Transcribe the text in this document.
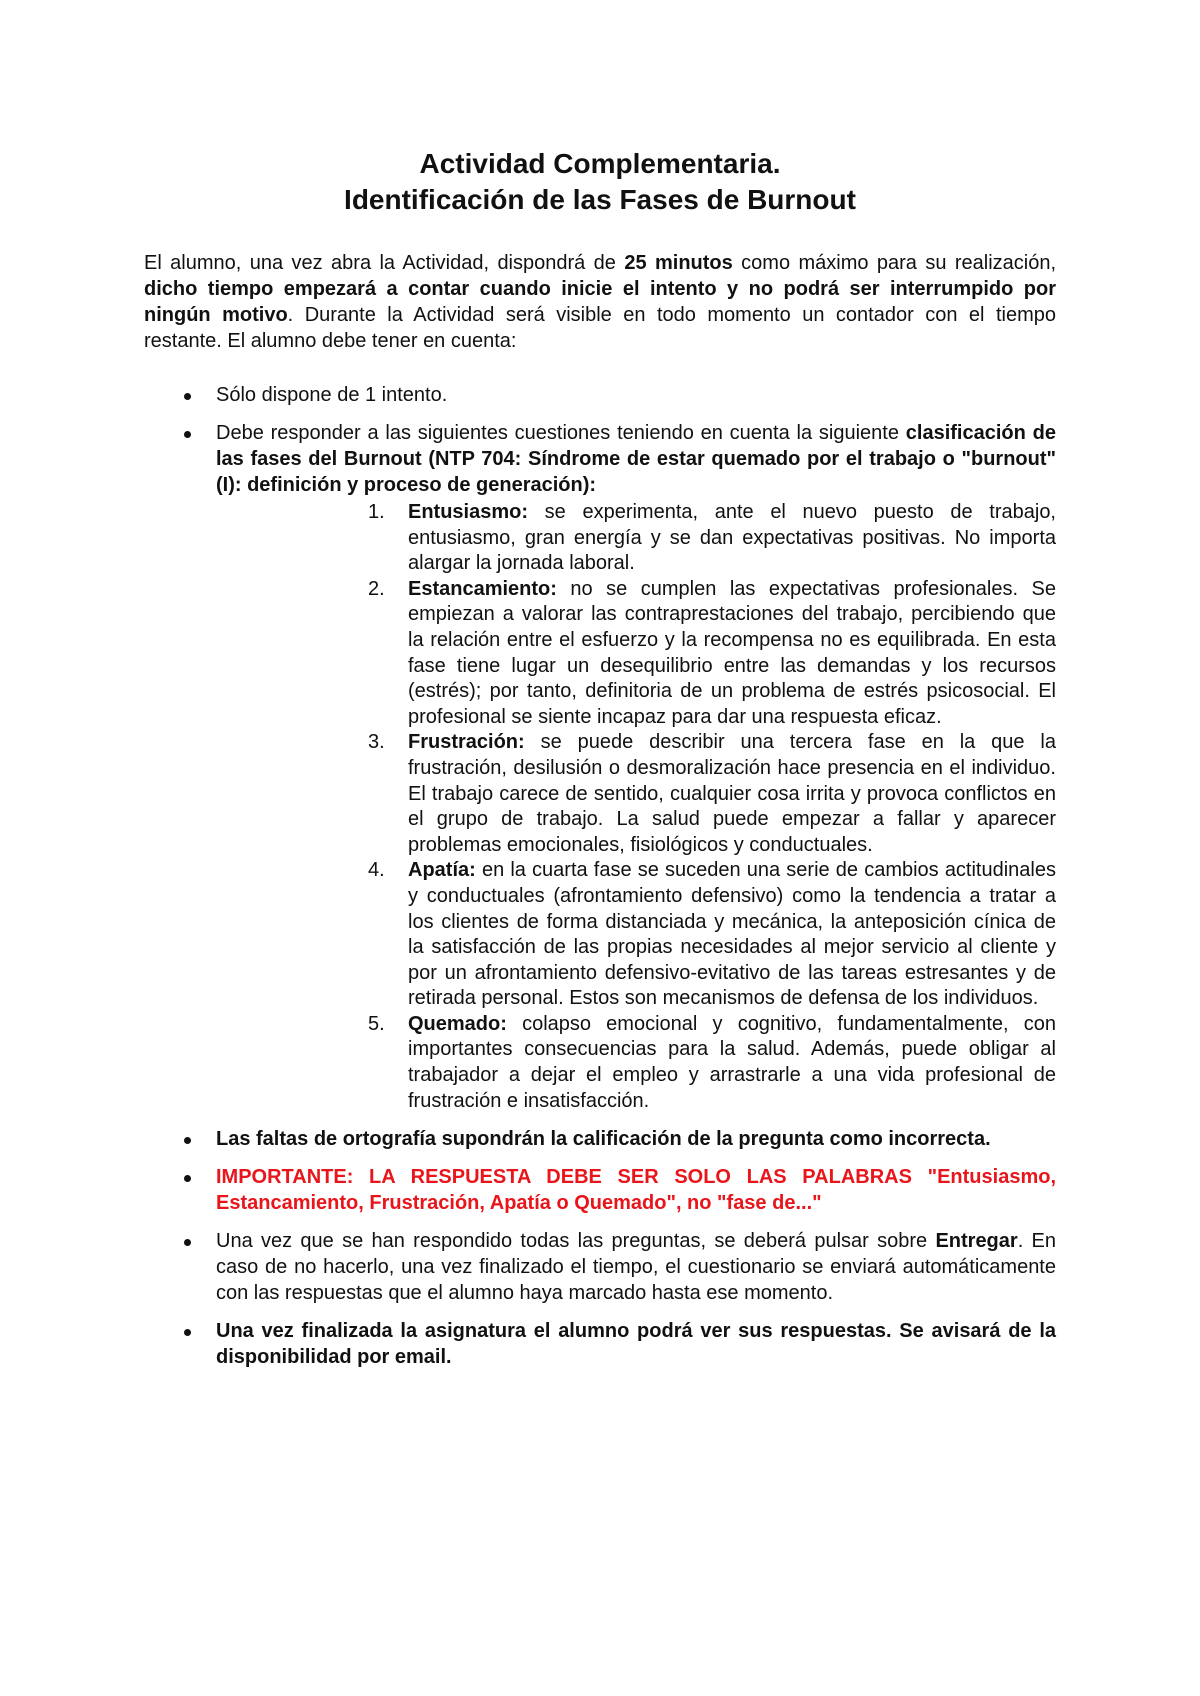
Actividad Complementaria.
Identificación de las Fases de Burnout

El alumno, una vez abra la Actividad, dispondrá de 25 minutos como máximo para su realización, dicho tiempo empezará a contar cuando inicie el intento y no podrá ser interrumpido por ningún motivo. Durante la Actividad será visible en todo momento un contador con el tiempo restante. El alumno debe tener en cuenta:

Sólo dispone de 1 intento.
Debe responder a las siguientes cuestiones teniendo en cuenta la siguiente clasificación de las fases del Burnout (NTP 704: Síndrome de estar quemado por el trabajo o "burnout" (I): definición y proceso de generación):
1. Entusiasmo: se experimenta, ante el nuevo puesto de trabajo, entusiasmo, gran energía y se dan expectativas positivas. No importa alargar la jornada laboral.
2. Estancamiento: no se cumplen las expectativas profesionales. Se empiezan a valorar las contraprestaciones del trabajo, percibiendo que la relación entre el esfuerzo y la recompensa no es equilibrada. En esta fase tiene lugar un desequilibrio entre las demandas y los recursos (estrés); por tanto, definitoria de un problema de estrés psicosocial. El profesional se siente incapaz para dar una respuesta eficaz.
3. Frustración: se puede describir una tercera fase en la que la frustración, desilusión o desmoralización hace presencia en el individuo. El trabajo carece de sentido, cualquier cosa irrita y provoca conflictos en el grupo de trabajo. La salud puede empezar a fallar y aparecer problemas emocionales, fisiológicos y conductuales.
4. Apatía: en la cuarta fase se suceden una serie de cambios actitudinales y conductuales (afrontamiento defensivo) como la tendencia a tratar a los clientes de forma distanciada y mecánica, la anteposición cínica de la satisfacción de las propias necesidades al mejor servicio al cliente y por un afrontamiento defensivo-evitativo de las tareas estresantes y de retirada personal. Estos son mecanismos de defensa de los individuos.
5. Quemado: colapso emocional y cognitivo, fundamentalmente, con importantes consecuencias para la salud. Además, puede obligar al trabajador a dejar el empleo y arrastrarle a una vida profesional de frustración e insatisfacción.
Las faltas de ortografía supondrán la calificación de la pregunta como incorrecta.
IMPORTANTE: LA RESPUESTA DEBE SER SOLO LAS PALABRAS "Entusiasmo, Estancamiento, Frustración, Apatía o Quemado", no "fase de..."
Una vez que se han respondido todas las preguntas, se deberá pulsar sobre Entregar. En caso de no hacerlo, una vez finalizado el tiempo, el cuestionario se enviará automáticamente con las respuestas que el alumno haya marcado hasta ese momento.
Una vez finalizada la asignatura el alumno podrá ver sus respuestas. Se avisará de la disponibilidad por email.
